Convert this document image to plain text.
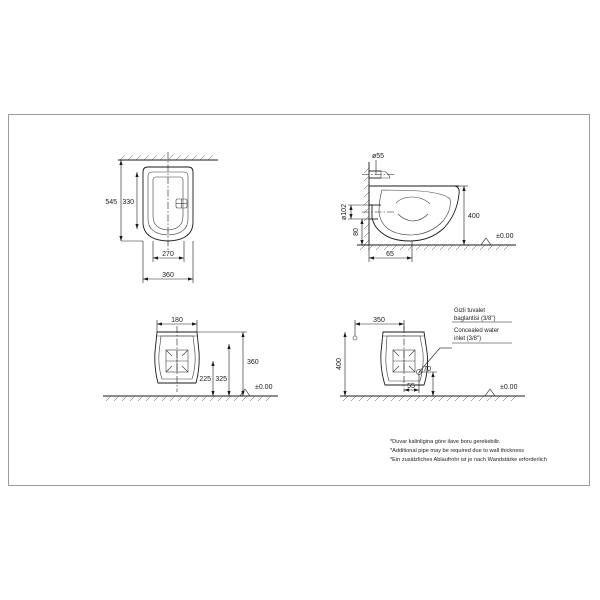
545 330
270
360
±0.00
ø55
ø102
80
65
400
±0.00
180
225 325
360
±0.00
350
400	70
55
Gizli tuvalet
baglantisi (3/8")
Concealed water
inlet (3/8")
*Duvar kalinligina göre ilave boru gerekebilir.
*Additional pipe may be required due to wall thickness
*Ein zusätzliches Ablaufrohr ist je nach Wandstärke erforderlich
